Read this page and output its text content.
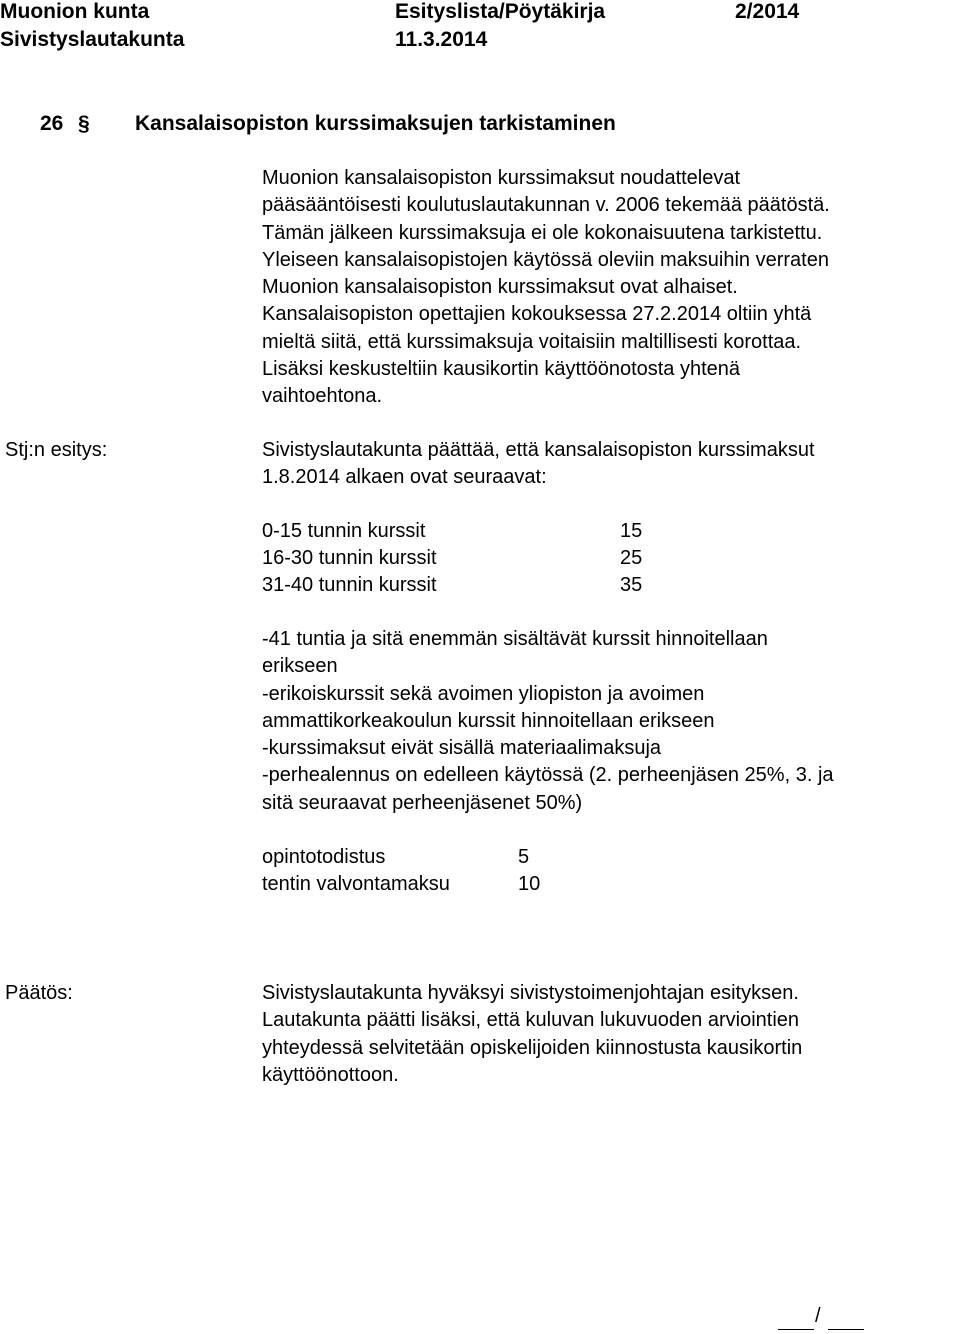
Muonion kunta	Esityslista/Pöytäkirja	2/2014
Sivistyslautakunta	11.3.2014
26 § Kansalaisopiston kurssimaksujen tarkistaminen
Muonion kansalaisopiston kurssimaksut noudattelevat
pääsääntöisesti koulutuslautakunnan v. 2006 tekemää päätöstä.
Tämän jälkeen kurssimaksuja ei ole kokonaisuutena tarkistettu.
Yleiseen kansalaisopistojen käytössä oleviin maksuihin verraten
Muonion kansalaisopiston kurssimaksut ovat alhaiset.
Kansalaisopiston opettajien kokouksessa 27.2.2014 oltiin yhtä
mieltä siitä, että kurssimaksuja voitaisiin maltillisesti korottaa.
Lisäksi keskusteltiin kausikortin käyttöönotosta yhtenä
vaihtoehtona.
Stj:n esitys:	Sivistyslautakunta päättää, että kansalaisopiston kurssimaksut
1.8.2014 alkaen ovat seuraavat:
0-15 tunnin kurssit	15
16-30 tunnin kurssit	25
31-40 tunnin kurssit	35
-41 tuntia ja sitä enemmän sisältävät kurssit hinnoitellaan
erikseen
-erikoiskurssit sekä avoimen yliopiston ja avoimen
ammattikorkeakoulun kurssit hinnoitellaan erikseen
-kurssimaksut eivät sisällä materiaalimaksuja
-perhealennus on edelleen käytössä (2. perheenjäsen 25%, 3. ja
sitä seuraavat perheenjäsenet 50%)
opintotodistus	5
tentin valvontamaksu	10
Päätös:	Sivistyslautakunta hyväksyi sivistystoimenjohtajan esityksen.
Lautakunta päätti lisäksi, että kuluvan lukuvuoden arviointien
yhteydessä selvitetään opiskelijoiden kiinnostusta kausikortin
käyttöönottoon.
/
